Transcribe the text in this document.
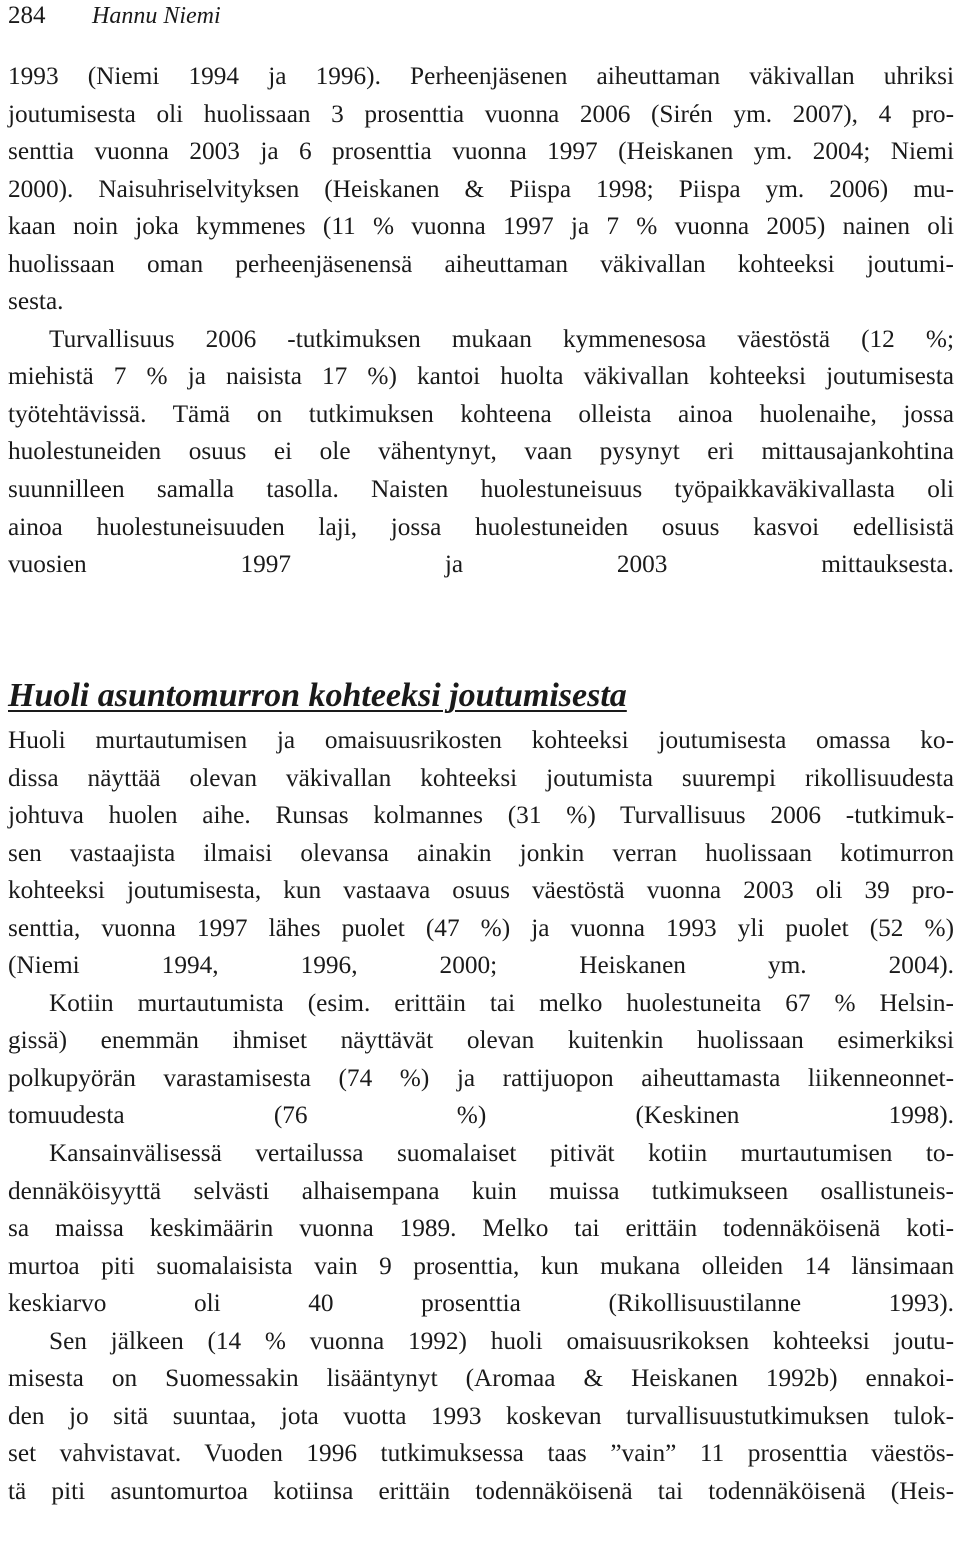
284 Hannu Niemi

1993 (Niemi 1994 ja 1996). Perheenjäsenen aiheuttaman väkivallan uhriksi
joutumisesta oli huolissaan 3 prosenttia vuonna 2006 (Sirén ym. 2007), 4 pro-
senttia vuonna 2003 ja 6 prosenttia vuonna 1997 (Heiskanen ym. 2004; Niemi
2000). Naisuhriselvityksen (Heiskanen & Piispa 1998; Piispa ym. 2006) mu-
kaan noin joka kymmenes (11 % vuonna 1997 ja 7 % vuonna 2005) nainen oli
huolissaan oman perheenjäsenensä aiheuttaman väkivallan kohteeksi joutumi-
sesta.

Turvallisuus 2006 -tutkimuksen mukaan kymmenesosa väestöstä (12 %;
miehistä 7 % ja naisista 17 %) kantoi huolta väkivallan kohteeksi joutumisesta
työtehtävissä. Tämä on tutkimuksen kohteena olleista ainoa huolenaihe, jossa
huolestuneiden osuus ei ole vähentynyt, vaan pysynyt eri mittausajankohtina
suunnilleen samalla tasolla. Naisten huolestuneisuus työpaikkaväkivallasta oli
ainoa huolestuneisuuden laji, jossa huolestuneiden osuus kasvoi edellisistä
vuosien 1997 ja 2003 mittauksesta.

Huoli asuntomurron kohteeksi joutumisesta

Huoli murtautumisen ja omaisuusrikosten kohteeksi joutumisesta omassa ko-
dissa näyttää olevan väkivallan kohteeksi joutumista suurempi rikollisuudesta
johtuva huolen aihe. Runsas kolmannes (31 %) Turvallisuus 2006 -tutkimuk-
sen vastaajista ilmaisi olevansa ainakin jonkin verran huolissaan kotimurron
kohteeksi joutumisesta, kun vastaava osuus väestöstä vuonna 2003 oli 39 pro-
senttia, vuonna 1997 lähes puolet (47 %) ja vuonna 1993 yli puolet (52 %)
(Niemi 1994, 1996, 2000; Heiskanen ym. 2004).

Kotiin murtautumista (esim. erittäin tai melko huolestuneita 67 % Helsin-
gissä) enemmän ihmiset näyttävät olevan kuitenkin huolissaan esimerkiksi
polkupyörän varastamisesta (74 %) ja rattijuopon aiheuttamasta liikenneonnet-
tomuudesta (76 %) (Keskinen 1998).

Kansainvälisessä vertailussa suomalaiset pitivät kotiin murtautumisen to-
dennäköisyyttä selvästi alhaisempana kuin muissa tutkimukseen osallistuneis-
sa maissa keskimäärin vuonna 1989. Melko tai erittäin todennäköisenä koti-
murtoa piti suomalaisista vain 9 prosenttia, kun mukana olleiden 14 länsimaan
keskiarvo oli 40 prosenttia (Rikollisuustilanne 1993).

Sen jälkeen (14 % vuonna 1992) huoli omaisuusrikoksen kohteeksi joutu-
misesta on Suomessakin lisääntynyt (Aromaa & Heiskanen 1992b) ennakoi-
den jo sitä suuntaa, jota vuotta 1993 koskevan turvallisuustutkimuksen tulok-
set vahvistavat. Vuoden 1996 tutkimuksessa taas ”vain” 11 prosenttia väestös-
tä piti asuntomurtoa kotiinsa erittäin todennäköisenä tai todennäköisenä (Heis-
